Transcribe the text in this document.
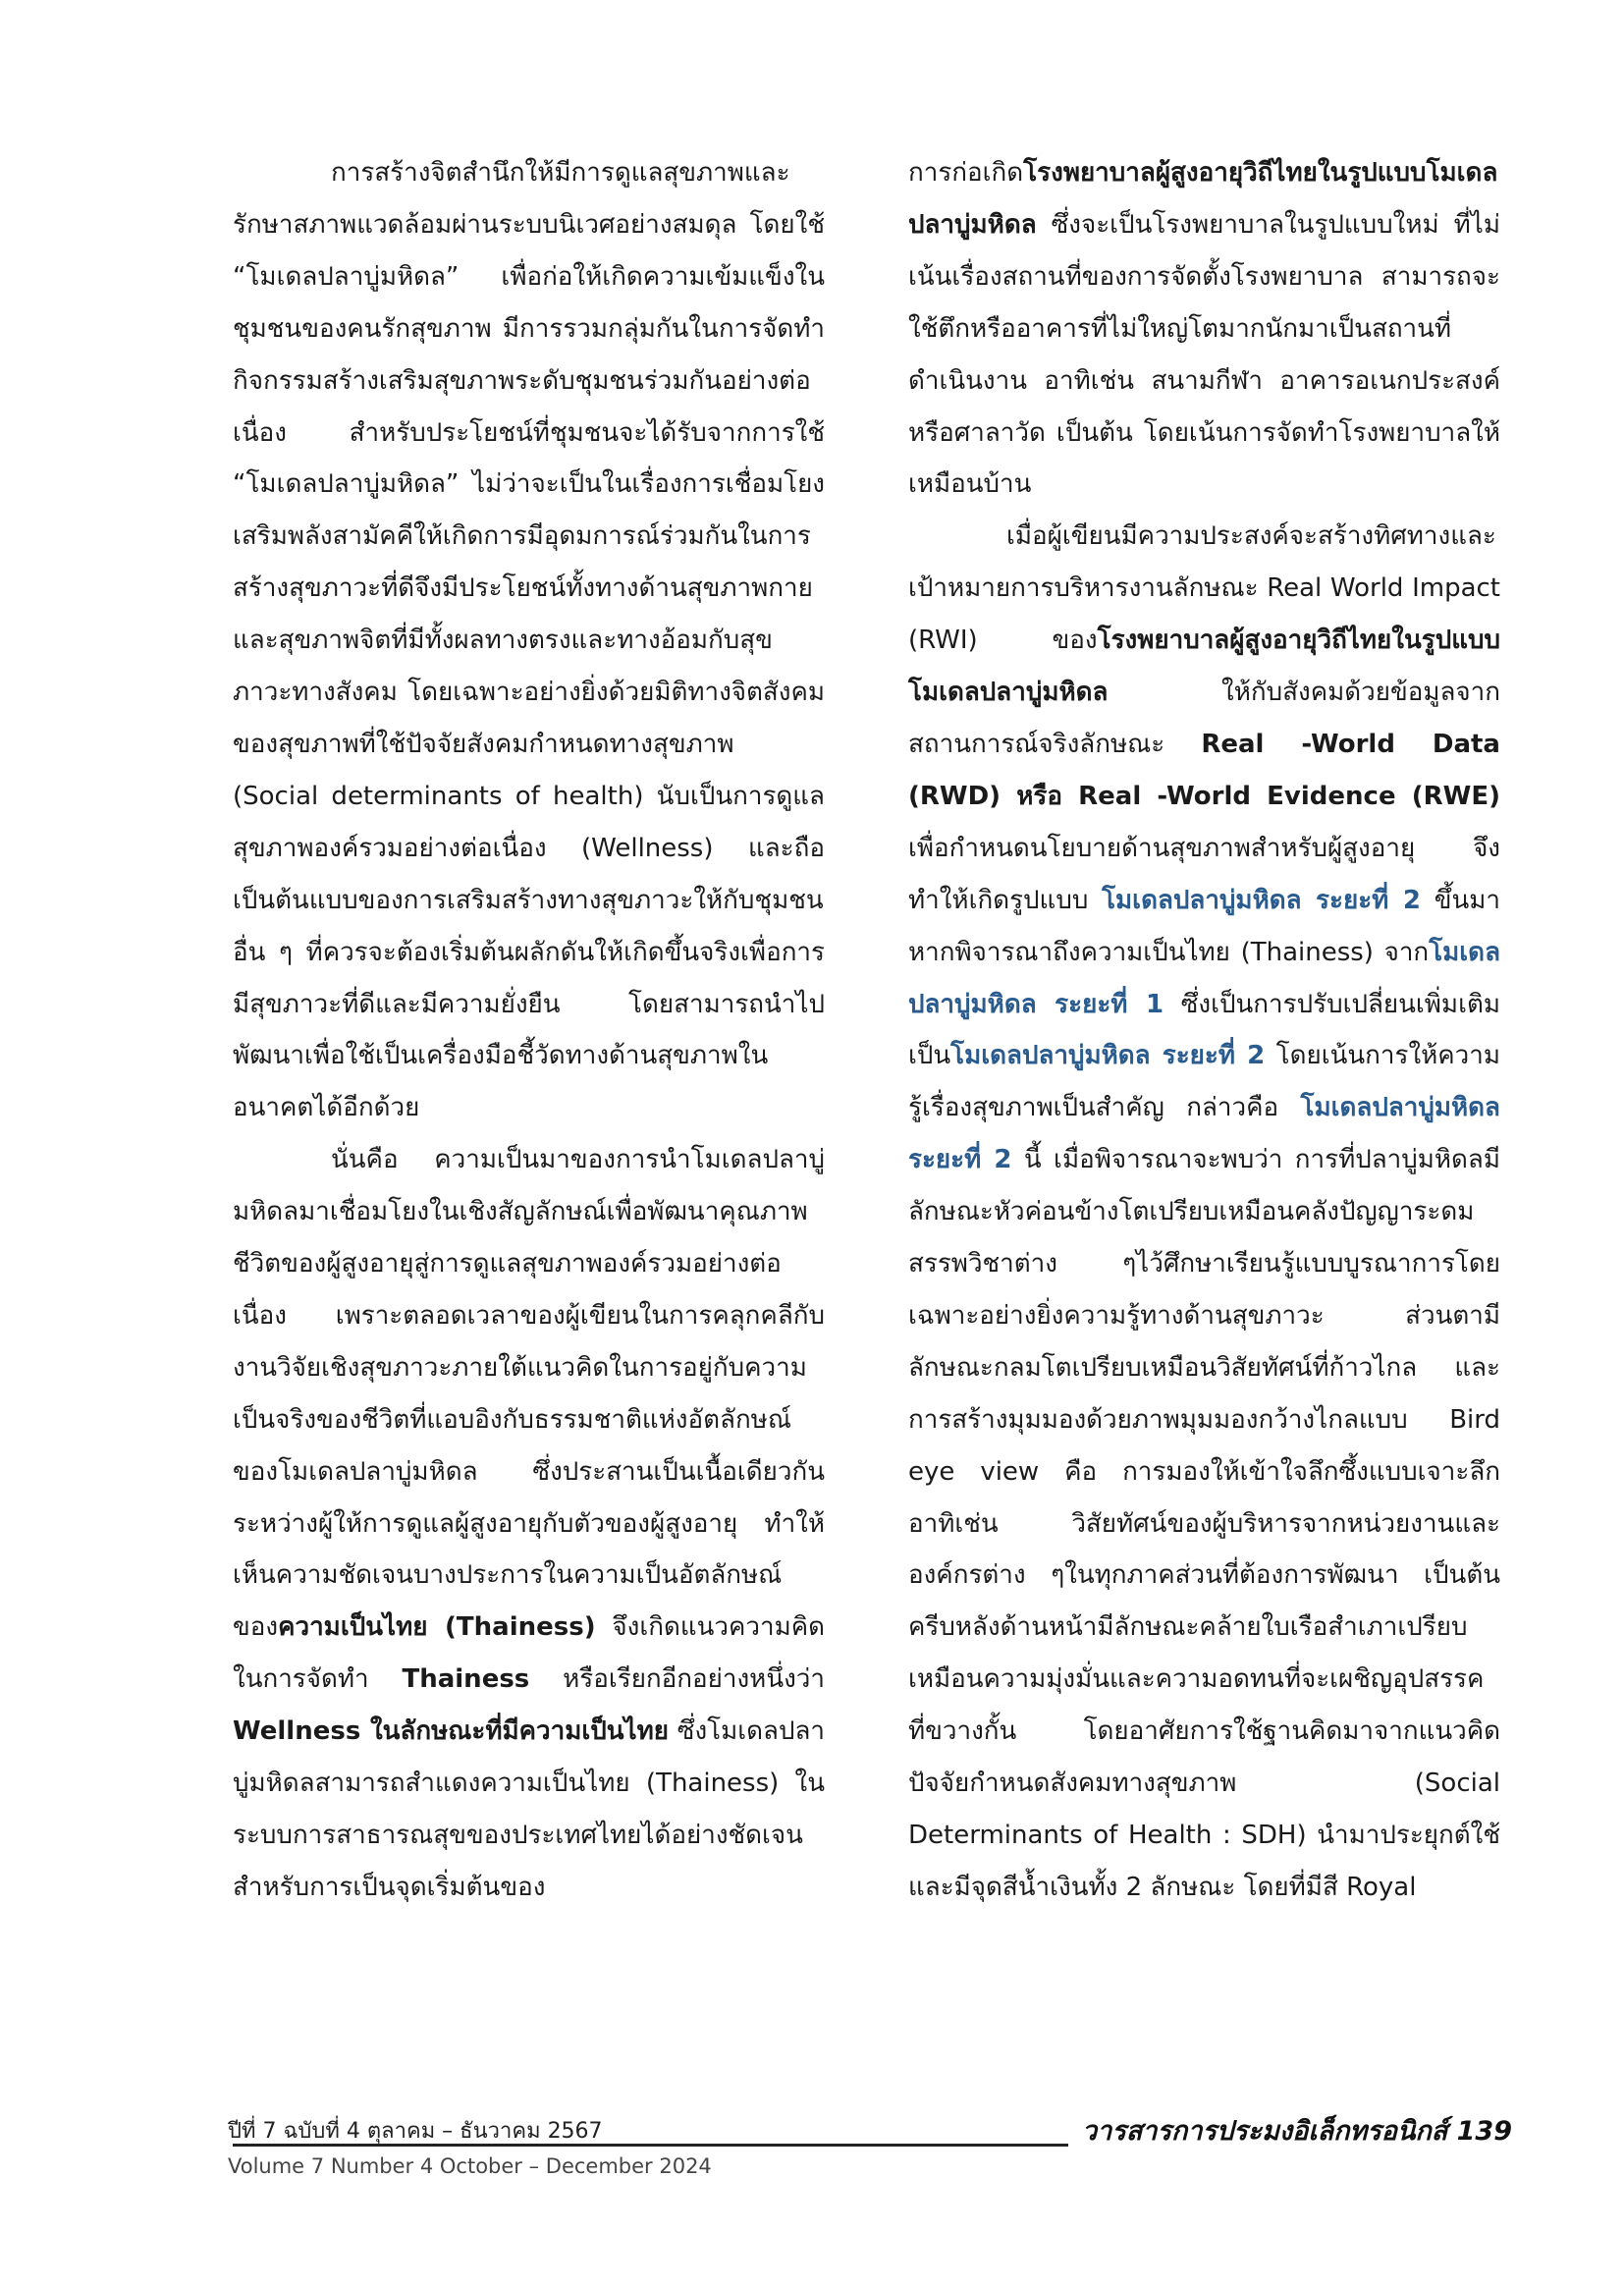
การสร้างจิตสำนึกให้มีการดูแลสุขภาพและรักษาสภาพแวดล้อมผ่านระบบนิเวศอย่างสมดุล โดยใช้ “โมเดลปลาบู่มหิดล” เพื่อก่อให้เกิดความเข้มแข็งในชุมชนของคนรักสุขภาพ มีการรวมกลุ่มกันในการจัดทำกิจกรรมสร้างเสริมสุขภาพระดับชุมชนร่วมกันอย่างต่อเนื่อง สำหรับประโยชน์ที่ชุมชนจะได้รับจากการใช้ “โมเดลปลาบู่มหิดล” ไม่ว่าจะเป็นในเรื่องการเชื่อมโยงเสริมพลังสามัคคีให้เกิดการมีอุดมการณ์ร่วมกันในการสร้างสุขภาวะที่ดีจึงมีประโยชน์ทั้งทางด้านสุขภาพกายและสุขภาพจิตที่มีทั้งผลทางตรงและทางอ้อมกับสุขภาวะทางสังคม โดยเฉพาะอย่างยิ่งด้วยมิติทางจิตสังคมของสุขภาพที่ใช้ปัจจัยสังคมกำหนดทางสุขภาพ (Social determinants of health) นับเป็นการดูแลสุขภาพองค์รวมอย่างต่อเนื่อง (Wellness) และถือเป็นต้นแบบของการเสริมสร้างทางสุขภาวะให้กับชุมชนอื่น ๆ ที่ควรจะต้องเริ่มต้นผลักดันให้เกิดขึ้นจริงเพื่อการมีสุขภาวะที่ดีและมีความยั่งยืน โดยสามารถนำไปพัฒนาเพื่อใช้เป็นเครื่องมือชี้วัดทางด้านสุขภาพในอนาคตได้อีกด้วย

นั่นคือ ความเป็นมาของการนำโมเดลปลาบู่มหิดลมาเชื่อมโยงในเชิงสัญลักษณ์เพื่อพัฒนาคุณภาพชีวิตของผู้สูงอายุสู่การดูแลสุขภาพองค์รวมอย่างต่อเนื่อง เพราะตลอดเวลาของผู้เขียนในการคลุกคลีกับงานวิจัยเชิงสุขภาวะภายใต้แนวคิดในการอยู่กับความเป็นจริงของชีวิตที่แอบอิงกับธรรมชาติแห่งอัตลักษณ์ของโมเดลปลาบู่มหิดล ซึ่งประสานเป็นเนื้อเดียวกันระหว่างผู้ให้การดูแลผู้สูงอายุกับตัวของผู้สูงอายุ ทำให้เห็นความชัดเจนบางประการในความเป็นอัตลักษณ์ของความเป็นไทย (Thainess) จึงเกิดแนวความคิดในการจัดทำ Thainess หรือเรียกอีกอย่างหนึ่งว่า Wellness ในลักษณะที่มีความเป็นไทย ซึ่งโมเดลปลาบู่มหิดลสามารถสำแดงความเป็นไทย (Thainess) ในระบบการสาธารณสุขของประเทศไทยได้อย่างชัดเจน สำหรับการเป็นจุดเริ่มต้นของ

การก่อเกิดโรงพยาบาลผู้สูงอายุวิถีไทยในรูปแบบโมเดลปลาบู่มหิดล ซึ่งจะเป็นโรงพยาบาลในรูปแบบใหม่ ที่ไม่เน้นเรื่องสถานที่ของการจัดตั้งโรงพยาบาล สามารถจะใช้ตึกหรืออาคารที่ไม่ใหญ่โตมากนักมาเป็นสถานที่ดำเนินงาน อาทิเช่น สนามกีฬา อาคารอเนกประสงค์ หรือศาลาวัด เป็นต้น โดยเน้นการจัดทำโรงพยาบาลให้เหมือนบ้าน

เมื่อผู้เขียนมีความประสงค์จะสร้างทิศทางและเป้าหมายการบริหารงานลักษณะ Real World Impact (RWI) ของโรงพยาบาลผู้สูงอายุวิถีไทยในรูปแบบโมเดลปลาบู่มหิดล ให้กับสังคมด้วยข้อมูลจากสถานการณ์จริงลักษณะ Real -World Data (RWD) หรือ Real -World Evidence (RWE) เพื่อกำหนดนโยบายด้านสุขภาพสำหรับผู้สูงอายุ จึงทำให้เกิดรูปแบบ โมเดลปลาบู่มหิดล ระยะที่ 2 ขึ้นมา หากพิจารณาถึงความเป็นไทย (Thainess) จากโมเดลปลาบู่มหิดล ระยะที่ 1 ซึ่งเป็นการปรับเปลี่ยนเพิ่มเติมเป็นโมเดลปลาบู่มหิดล ระยะที่ 2 โดยเน้นการให้ความรู้เรื่องสุขภาพเป็นสำคัญ กล่าวคือ โมเดลปลาบู่มหิดล ระยะที่ 2 นี้ เมื่อพิจารณาจะพบว่า การที่ปลาบู่มหิดลมีลักษณะหัวค่อนข้างโตเปรียบเหมือนคลังปัญญาระดมสรรพวิชาต่าง ๆไว้ศึกษาเรียนรู้แบบบูรณาการโดยเฉพาะอย่างยิ่งความรู้ทางด้านสุขภาวะ ส่วนตามีลักษณะกลมโตเปรียบเหมือนวิสัยทัศน์ที่ก้าวไกล และการสร้างมุมมองด้วยภาพมุมมองกว้างไกลแบบ Bird eye view คือ การมองให้เข้าใจลึกซึ้งแบบเจาะลึก อาทิเช่น วิสัยทัศน์ของผู้บริหารจากหน่วยงานและองค์กรต่าง ๆในทุกภาคส่วนที่ต้องการพัฒนา เป็นต้น ครีบหลังด้านหน้ามีลักษณะคล้ายใบเรือสำเภาเปรียบเหมือนความมุ่งมั่นและความอดทนที่จะเผชิญอุปสรรคที่ขวางกั้น โดยอาศัยการใช้ฐานคิดมาจากแนวคิดปัจจัยกำหนดสังคมทางสุขภาพ (Social Determinants of Health : SDH) นำมาประยุกต์ใช้และมีจุดสีน้ำเงินทั้ง 2 ลักษณะ โดยที่มีสี Royal

ปีที่ 7 ฉบับที่ 4 ตุลาคม – ธันวาคม 2567	วารสารการประมงอิเล็กทรอนิกส์ 139
Volume 7 Number 4 October – December 2024
